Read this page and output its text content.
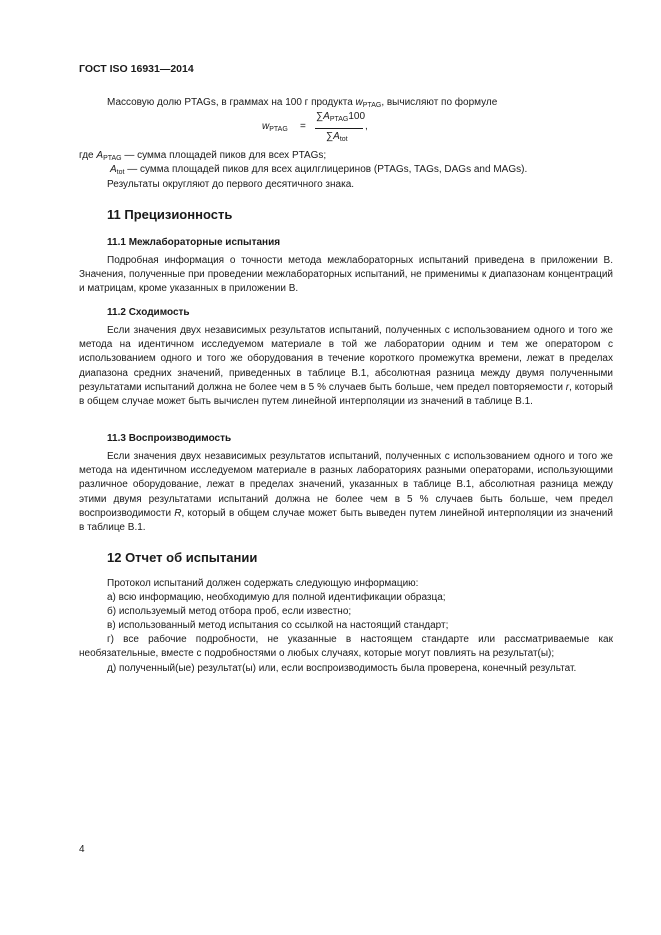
ГОСТ ISO 16931—2014
Массовую долю PTAGs, в граммах на 100 г продукта $w_{PTAG}$, вычисляют по формуле
$w_{PTAG}$ =
$\sum A_{PTAG}100$
$\sum A_{tot}$
,
где $A_{PTAG}$ — сумма площадей пиков для всех PTAGs;
$A_{tot}$ — сумма площадей пиков для всех ацилглицеринов (PTAGs, TAGs, DAGs and MAGs).
Результаты округляют до первого десятичного знака.
11 Прецизионность
11.1 Межлабораторные испытания
Подробная информация о точности метода межлабораторных испытаний приведена в приложении В. Значения, полученные при проведении межлабораторных испытаний, не применимы к диапазонам концентраций и матрицам, кроме указанных в приложении В.
11.2 Сходимость
Если значения двух независимых результатов испытаний, полученных с использованием одного и того же метода на идентичном исследуемом материале в той же лаборатории одним и тем же оператором с использованием одного и того же оборудования в течение короткого промежутка времени, лежат в пределах диапазона средних значений, приведенных в таблице В.1, абсолютная разница между двумя полученными результатами испытаний должна не более чем в 5 % случаев быть больше, чем предел повторяемости r, который в общем случае может быть вычислен путем линейной интерполяции из значений в таблице В.1.
11.3 Воспроизводимость
Если значения двух независимых результатов испытаний, полученных с использованием одного и того же метода на идентичном исследуемом материале в разных лабораториях разными операторами, использующими различное оборудование, лежат в пределах значений, указанных в таблице В.1, абсолютная разница между этими двумя результатами испытаний должна не более чем в 5 % случаев быть больше, чем предел воспроизводимости R, который в общем случае может быть выведен путем линейной интерполяции из значений в таблице В.1.
12 Отчет об испытании
Протокол испытаний должен содержать следующую информацию:
а) всю информацию, необходимую для полной идентификации образца;
б) используемый метод отбора проб, если известно;
в) использованный метод испытания со ссылкой на настоящий стандарт;
г) все рабочие подробности, не указанные в настоящем стандарте или рассматриваемые как необязательные, вместе с подробностями о любых случаях, которые могут повлиять на результат(ы);
д) полученный(ые) результат(ы) или, если воспроизводимость была проверена, конечный результат.
4
